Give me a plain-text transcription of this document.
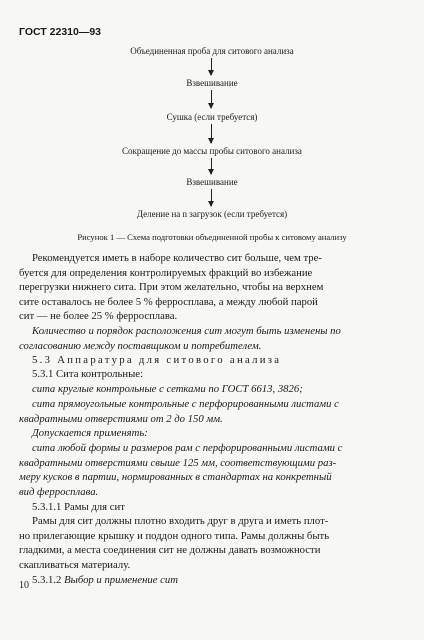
ГОСТ 22310—93
Объединенная проба для ситового анализа
Взвешивание
Сушка (если требуется)
Сокращение до массы пробы ситового анализа
Взвешивание
Деление на n загрузок (если требуется)
Рисунок 1 — Схема подготовки объединенной пробы к ситовому анализу
Рекомендуется иметь в наборе количество сит больше, чем тре-
буется для определения контролируемых фракций во избежание
перегрузки нижнего сита. При этом желательно, чтобы на верхнем
сите оставалось не более 5 % ферросплава, а между любой парой
сит — не более 25 % ферросплава.
Количество и порядок расположения сит могут быть изменены по
согласованию между поставщиком и потребителем.
5.3 Аппаратура для ситового анализа
5.3.1 Сита контрольные:
сита круглые контрольные с сетками по ГОСТ 6613, 3826;
сита прямоугольные контрольные с перфорированными листами с
квадратными отверстиями от 2 до 150 мм.
Допускается применять:
сита любой формы и размеров рам с перфорированными листами с
квадратными отверстиями свыше 125 мм, соответствующими раз-
меру кусков в партии, нормированных в стандартах на конкретный
вид ферросплава.
5.3.1.1 Рамы для сит
Рамы для сит должны плотно входить друг в друга и иметь плот-
но прилегающие крышку и поддон одного типа. Рамы должны быть
гладкими, а места соединения сит не должны давать возможности
скапливаться материалу.
5.3.1.2 Выбор и применение сит
10
